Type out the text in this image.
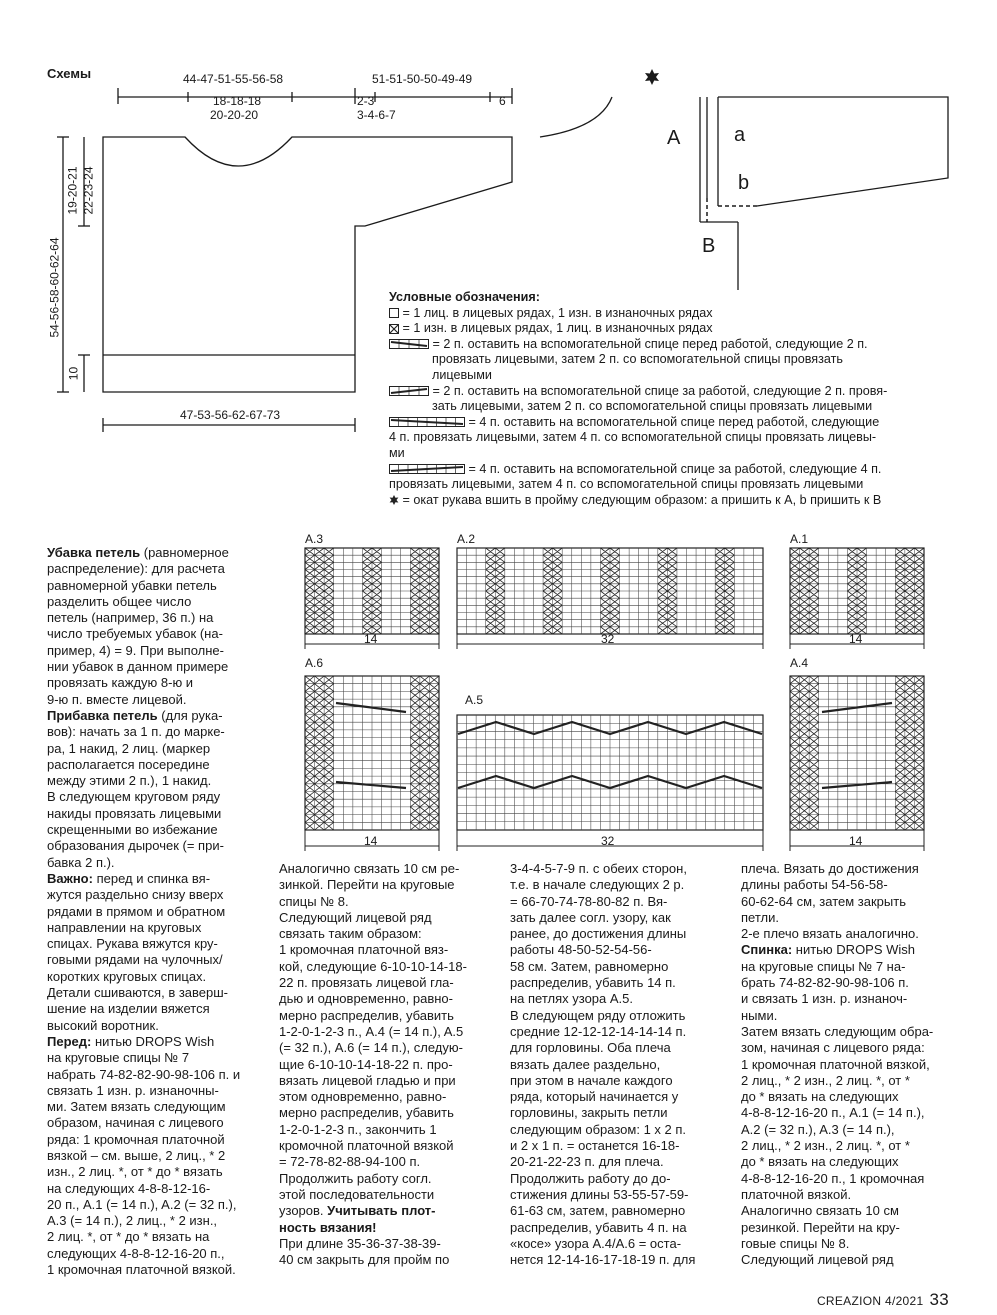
Схемы	44-47-51-55-56-58	51-51-50-50-49-49
18-18-18
20-20-20
2-3
3-4-6-7
6
19-20-21 22-23-24
54-56-58-60-62-64
10
47-53-56-62-67-73
A	a
b
B
Условные обозначения:
= 1 лиц. в лицевых рядах, 1 изн. в изнаночных рядах
= 1 изн. в лицевых рядах, 1 лиц. в изнаночных рядах
= 2 п. оставить на вспомогательной спице перед работой, следующие 2 п.
провязать лицевыми, затем 2 п. со вспомогательной спицы провязать
лицевыми
= 2 п. оставить на вспомогательной спице за работой, следующие 2 п. провя-
зать лицевыми, затем 2 п. со вспомогательной спицы провязать лицевыми
= 4 п. оставить на вспомогательной спице перед работой, следующие
4 п. провязать лицевыми, затем 4 п. со вспомогательной спицы провязать лицевы-
ми
= 4 п. оставить на вспомогательной спице за работой, следующие 4 п.
провязать лицевыми, затем 4 п. со вспомогательной спицы провязать лицевыми
= окат рукава вшить в пройму следующим образом: a пришить к A, b пришить к B
A.3	A.2	A.1
A.6
A.5
A.4
14	32	14
14	32	14

Убавка петель (равномерное

распределение): для расчета

равномерной убавки петель

разделить общее число

петель (например, 36 п.) на

число требуемых убавок (на-

пример, 4) = 9. При выполне-

нии убавок в данном примере

провязать каждую 8-ю и

9-ю п. вместе лицевой.

Прибавка петель (для рука-

вов): начать за 1 п. до марке-

ра, 1 накид, 2 лиц. (маркер

располагается посередине

между этими 2 п.), 1 накид.

В следующем круговом ряду

накиды провязать лицевыми

скрещенными во избежание

образования дырочек (= при-

бавка 2 п.).

Важно: перед и спинка вя-

жутся раздельно снизу вверх

рядами в прямом и обратном

направлении на круговых

спицах. Рукава вяжутся кру-

говыми рядами на чулочных/

коротких круговых спицах.

Детали сшиваются, в заверш-

шение на изделии вяжется

высокий воротник.

Перед: нитью DROPS Wish

на круговые спицы № 7

набрать 74-82-82-90-98-106 п. и

связать 1 изн. р. изнаночны-

ми. Затем вязать следующим

образом, начиная с лицевого

ряда: 1 кромочная платочной

вязкой – см. выше, 2 лиц., * 2

изн., 2 лиц. *, от * до * вязать

на следующих 4-8-8-12-16-

20 п., A.1 (= 14 п.), A.2 (= 32 п.),

A.3 (= 14 п.), 2 лиц., * 2 изн.,

2 лиц. *, от * до * вязать на

следующих 4-8-8-12-16-20 п.,

1 кромочная платочной вязкой.

Аналогично связать 10 см ре-

зинкой. Перейти на круговые

спицы № 8.

Следующий лицевой ряд

связать таким образом:

1 кромочная платочной вяз-

кой, следующие 6-10-10-14-18-

22 п. провязать лицевой гла-

дью и одновременно, равно-

мерно распределив, убавить

1-2-0-1-2-3 п., A.4 (= 14 п.), A.5

(= 32 п.), A.6 (= 14 п.), следую-

щие 6-10-10-14-18-22 п. про-

вязать лицевой гладью и при

этом одновременно, равно-

мерно распределив, убавить

1-2-0-1-2-3 п., закончить 1

кромочной платочной вязкой

= 72-78-82-88-94-100 п.

Продолжить работу согл.

этой последовательности

узоров. Учитывать плот-

ность вязания!

При длине 35-36-37-38-39-

40 см закрыть для пройм по

3-4-4-5-7-9 п. с обеих сторон,

т.е. в начале следующих 2 р.

= 66-70-74-78-80-82 п. Вя-

зать далее согл. узору, как

ранее, до достижения длины

работы 48-50-52-54-56-

58 см. Затем, равномерно

распределив, убавить 14 п.

на петлях узора A.5.

В следующем ряду отложить

средние 12-12-12-14-14-14 п.

для горловины. Оба плеча

вязать далее раздельно,

при этом в начале каждого

ряда, который начинается у

горловины, закрыть петли

следующим образом: 1 х 2 п.

и 2 х 1 п. = останется 16-18-

20-21-22-23 п. для плеча.

Продолжить работу до до-

стижения длины 53-55-57-59-

61-63 см, затем, равномерно

распределив, убавить 4 п. на

«косе» узора A.4/A.6 = оста-

нется 12-14-16-17-18-19 п. для

плеча. Вязать до достижения

длины работы 54-56-58-

60-62-64 см, затем закрыть

петли.

2-е плечо вязать аналогично.

Спинка: нитью DROPS Wish

на круговые спицы № 7 на-

брать 74-82-82-90-98-106 п.

и связать 1 изн. р. изнаноч-

ными.

Затем вязать следующим обра-

зом, начиная с лицевого ряда:

1 кромочная платочной вязкой,

2 лиц., * 2 изн., 2 лиц. *, от *

до * вязать на следующих

4-8-8-12-16-20 п., A.1 (= 14 п.),

A.2 (= 32 п.), A.3 (= 14 п.),

2 лиц., * 2 изн., 2 лиц. *, от *

до * вязать на следующих

4-8-8-12-16-20 п., 1 кромочная

платочной вязкой.

Аналогично связать 10 см

резинкой. Перейти на кру-

говые спицы № 8.

Следующий лицевой ряд

CREAZION 4/2021 33
